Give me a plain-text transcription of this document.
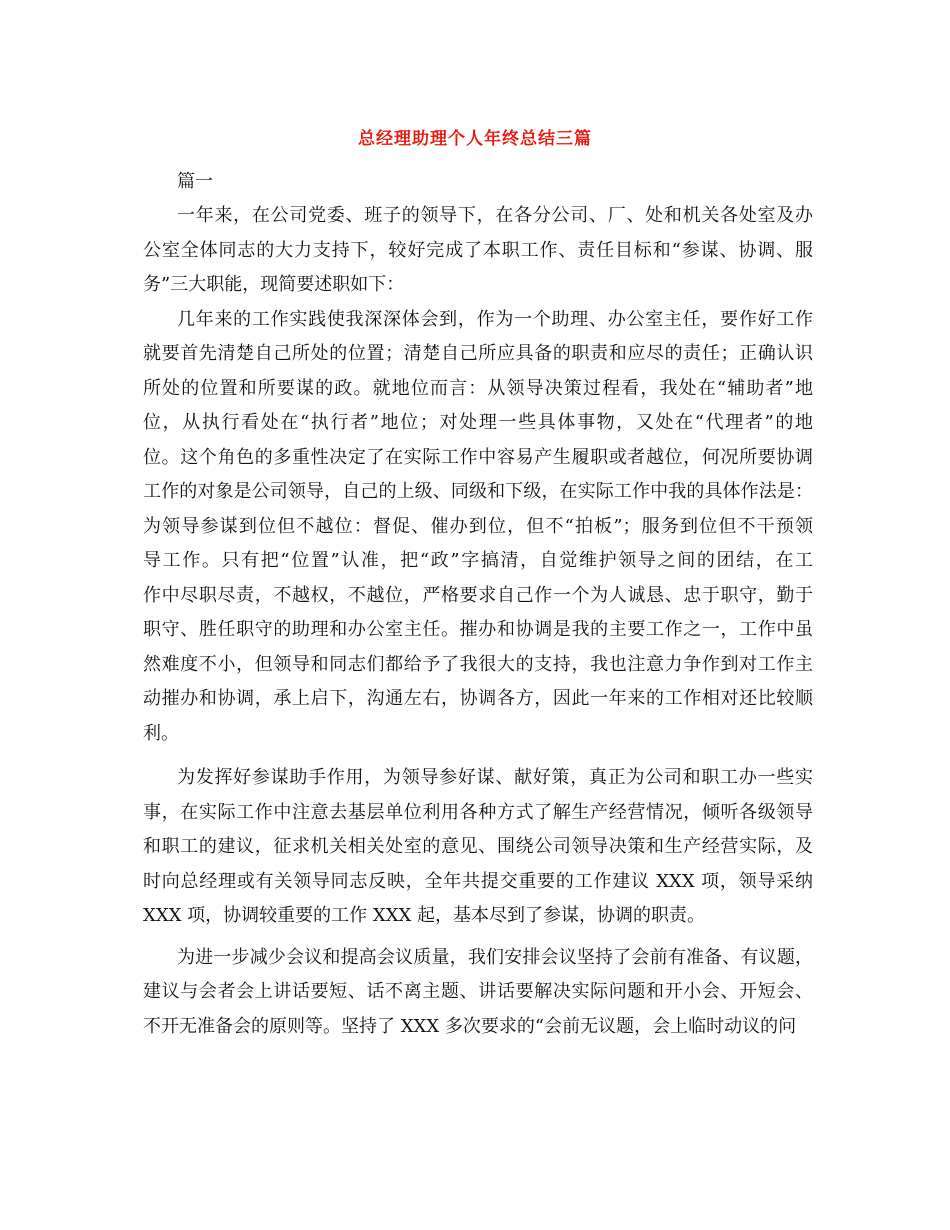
总经理助理个人年终总结三篇

篇一

一年来，在公司党委、班子的领导下，在各分公司、厂、处和机关各处室及办
公室全体同志的大力支持下，较好完成了本职工作、责任目标和“参谋、协调、服
务”三大职能，现简要述职如下：

几年来的工作实践使我深深体会到，作为一个助理、办公室主任，要作好工作
就要首先清楚自己所处的位置；清楚自己所应具备的职责和应尽的责任；正确认识
所处的位置和所要谋的政。就地位而言：从领导决策过程看，我处在“辅助者”地
位，从执行看处在“执行者”地位；对处理一些具体事物，又处在“代理者”的地
位。这个角色的多重性决定了在实际工作中容易产生履职或者越位，何况所要协调
工作的对象是公司领导，自己的上级、同级和下级，在实际工作中我的具体作法是：
为领导参谋到位但不越位：督促、催办到位，但不“拍板”；服务到位但不干预领
导工作。只有把“位置”认准，把“政”字搞清，自觉维护领导之间的团结，在工
作中尽职尽责，不越权，不越位，严格要求自己作一个为人诚恳、忠于职守，勤于
职守、胜任职守的助理和办公室主任。摧办和协调是我的主要工作之一，工作中虽
然难度不小，但领导和同志们都给予了我很大的支持，我也注意力争作到对工作主
动摧办和协调，承上启下，沟通左右，协调各方，因此一年来的工作相对还比较顺
利。

为发挥好参谋助手作用，为领导参好谋、献好策，真正为公司和职工办一些实
事，在实际工作中注意去基层单位利用各种方式了解生产经营情况，倾听各级领导
和职工的建议，征求机关相关处室的意见、围绕公司领导决策和生产经营实际，及
时向总经理或有关领导同志反映，全年共提交重要的工作建议 XXX 项，领导采纳
XXX 项，协调较重要的工作 XXX 起，基本尽到了参谋，协调的职责。

为进一步减少会议和提高会议质量，我们安排会议坚持了会前有准备、有议题，
建议与会者会上讲话要短、话不离主题、讲话要解决实际问题和开小会、开短会、
不开无准备会的原则等。坚持了 XXX 多次要求的“会前无议题，会上临时动议的问
